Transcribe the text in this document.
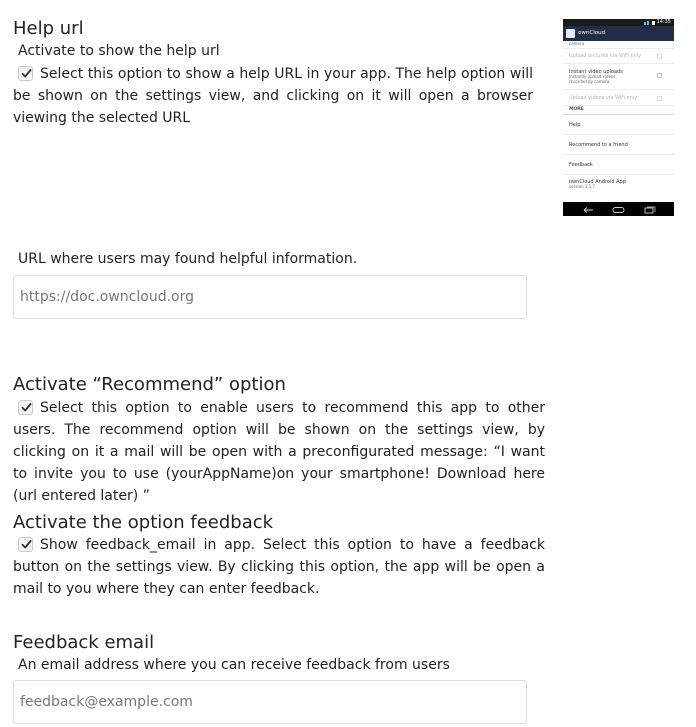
Help url
Activate to show the help url
Select this option to show a help URL in your app. The help option will be shown on the settings view, and clicking on it will open a browser viewing the selected URL
14:35
ownCloud
camera
Upload pictures via WiFi only
Instant video uploads
Instantly upload videos recorded by camera
Upload videos via WiFi only
MORE
Help
Recommend to a friend
Feedback
ownCloud Android App
version 1.5.7
URL where users may found helpful information.
https://doc.owncloud.org
Activate “Recommend” option
Select this option to enable users to recommend this app to other users. The recommend option will be shown on the settings view, by clicking on it a mail will be open with a preconfigurated message: “I want to invite you to use (yourAppName)on your smartphone! Download here (url entered later) ”
Activate the option feedback
Show feedback_email in app. Select this option to have a feedback button on the settings view. By clicking this option, the app will be open a mail to you where they can enter feedback.
Feedback email
An email address where you can receive feedback from users
feedback@example.com
